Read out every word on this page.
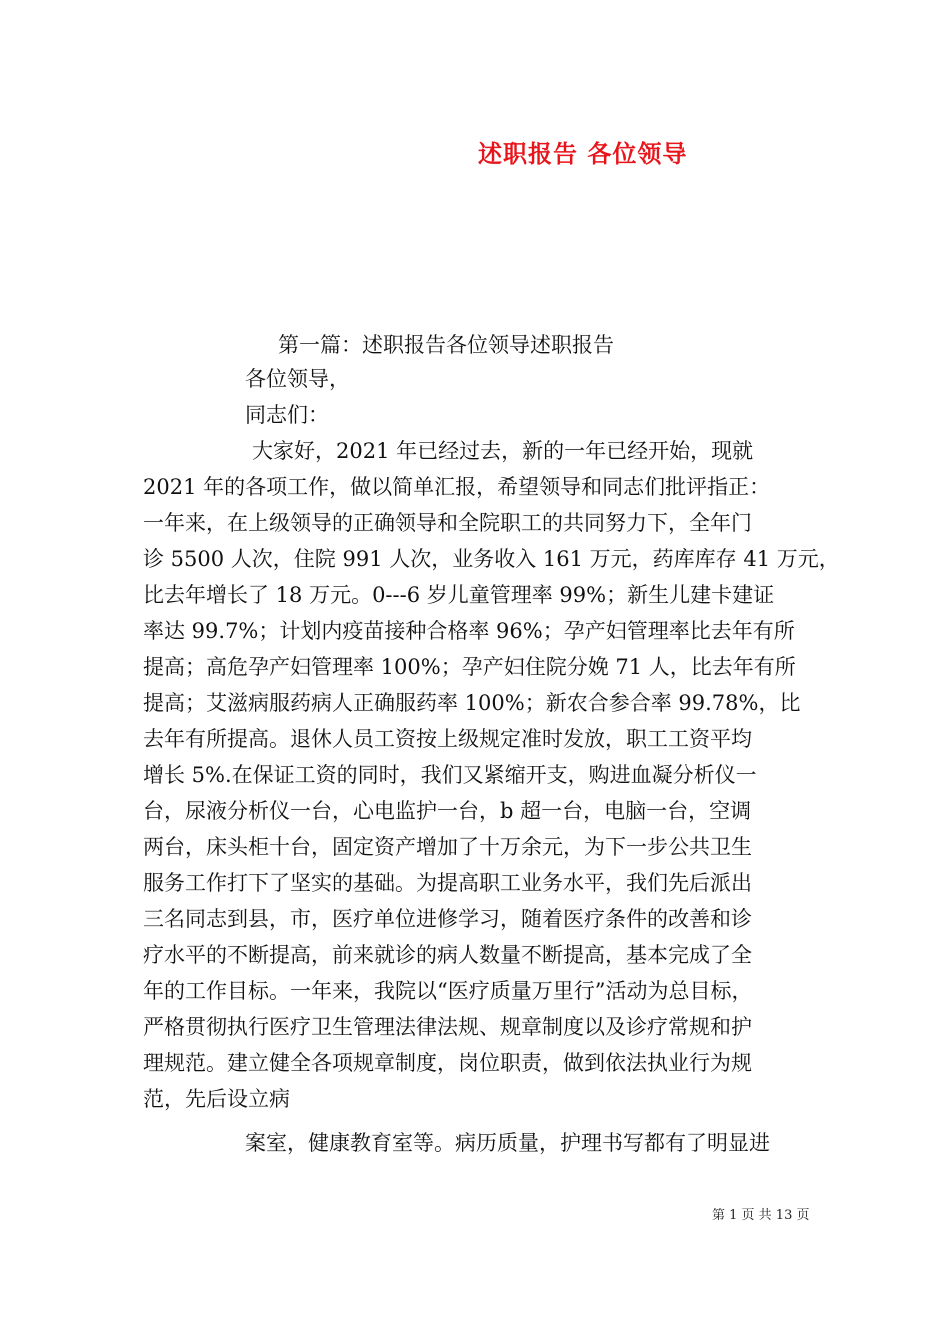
述职报告 各位领导
第一篇：述职报告各位领导述职报告
各位领导，
同志们：
大家好，2021 年已经过去，新的一年已经开始，现就
2021 年的各项工作，做以简单汇报，希望领导和同志们批评指正：
一年来，在上级领导的正确领导和全院职工的共同努力下，全年门
诊 5500 人次，住院 991 人次，业务收入 161 万元，药库库存 41 万元，
比去年增长了 18 万元。0---6 岁儿童管理率 99%；新生儿建卡建证
率达 99.7%；计划内疫苗接种合格率 96%；孕产妇管理率比去年有所
提高；高危孕产妇管理率 100%；孕产妇住院分娩 71 人，比去年有所
提高；艾滋病服药病人正确服药率 100%；新农合参合率 99.78%，比
去年有所提高。退休人员工资按上级规定准时发放，职工工资平均
增长 5%.在保证工资的同时，我们又紧缩开支，购进血凝分析仪一
台，尿液分析仪一台，心电监护一台，b 超一台，电脑一台，空调
两台，床头柜十台，固定资产增加了十万余元，为下一步公共卫生
服务工作打下了坚实的基础。为提高职工业务水平，我们先后派出
三名同志到县，市，医疗单位进修学习，随着医疗条件的改善和诊
疗水平的不断提高，前来就诊的病人数量不断提高，基本完成了全
年的工作目标。一年来，我院以“医疗质量万里行”活动为总目标，
严格贯彻执行医疗卫生管理法律法规、规章制度以及诊疗常规和护
理规范。建立健全各项规章制度，岗位职责，做到依法执业行为规
范，先后设立病
案室，健康教育室等。病历质量，护理书写都有了明显进
第 1 页 共 13 页
